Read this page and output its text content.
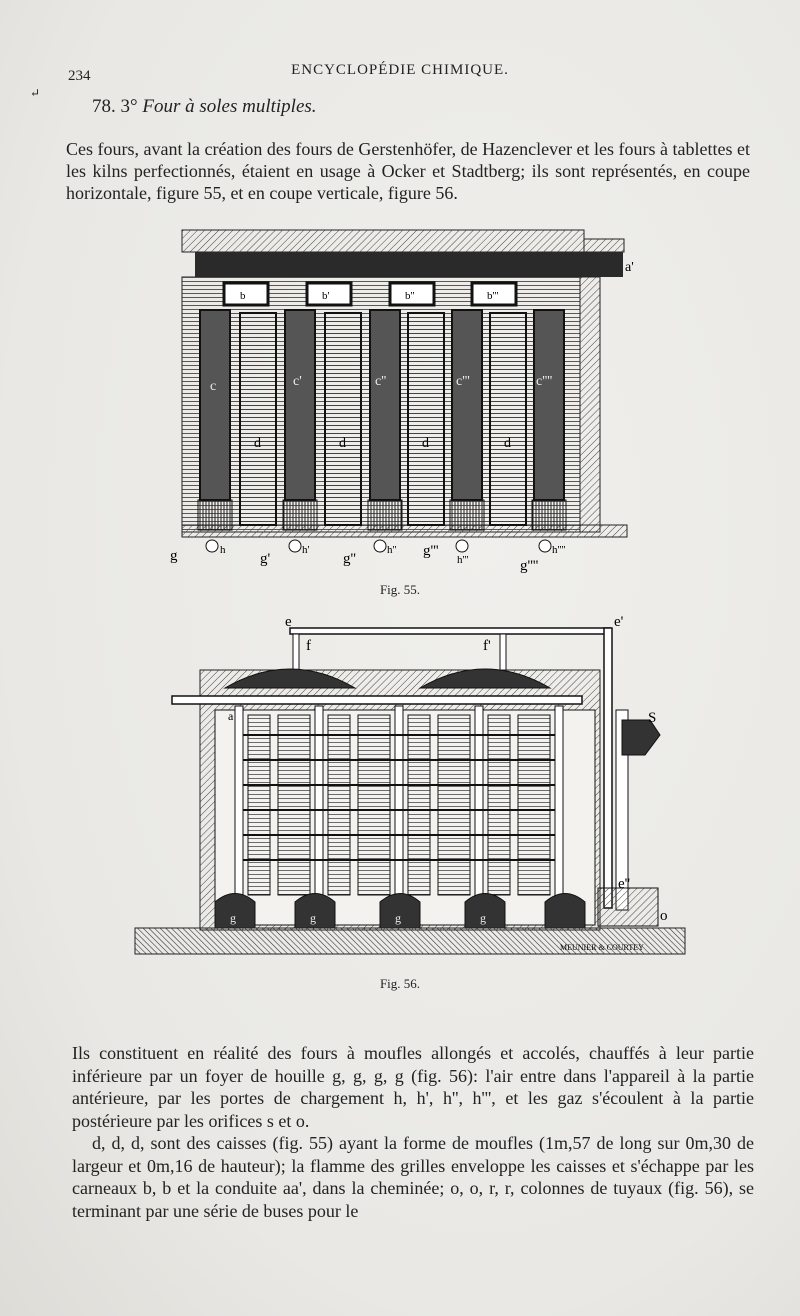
234	ENCYCLOPÉDIE CHIMIQUE.
↵
78. 3° Four à soles multiples.

Ces fours, avant la création des fours de Gerstenhöfer, de Hazenclever et les fours à tablettes et les kilns perfectionnés, étaient en usage à Ocker et Stadtberg; ils sont représentés, en coupe horizontale, figure 55, et en coupe verticale, figure 56.

a'
c	c'	c''	c'''	c''''
d	d	d	d
b	b'	b''	b'''
g	g'	g''	g'''
g''''
h	h'	h''
h'''
h''''
Fig. 55.
e	e'
e''
f	f'
S
o
a
g	g	g	g
MEUNIER & COURTEY
Fig. 56.

Ils constituent en réalité des fours à moufles allongés et accolés, chauffés à leur partie inférieure par un foyer de houille g, g, g, g (fig. 56): l'air entre dans l'appareil à la partie antérieure, par les portes de chargement h, h', h'', h''', et les gaz s'écoulent à la partie postérieure par les orifices s et o.
d, d, d, sont des caisses (fig. 55) ayant la forme de moufles (1m,57 de long sur 0m,30 de largeur et 0m,16 de hauteur); la flamme des grilles enveloppe les caisses et s'échappe par les carneaux b, b et la conduite aa', dans la cheminée; o, o, r, r, colonnes de tuyaux (fig. 56), se terminant par une série de buses pour le
